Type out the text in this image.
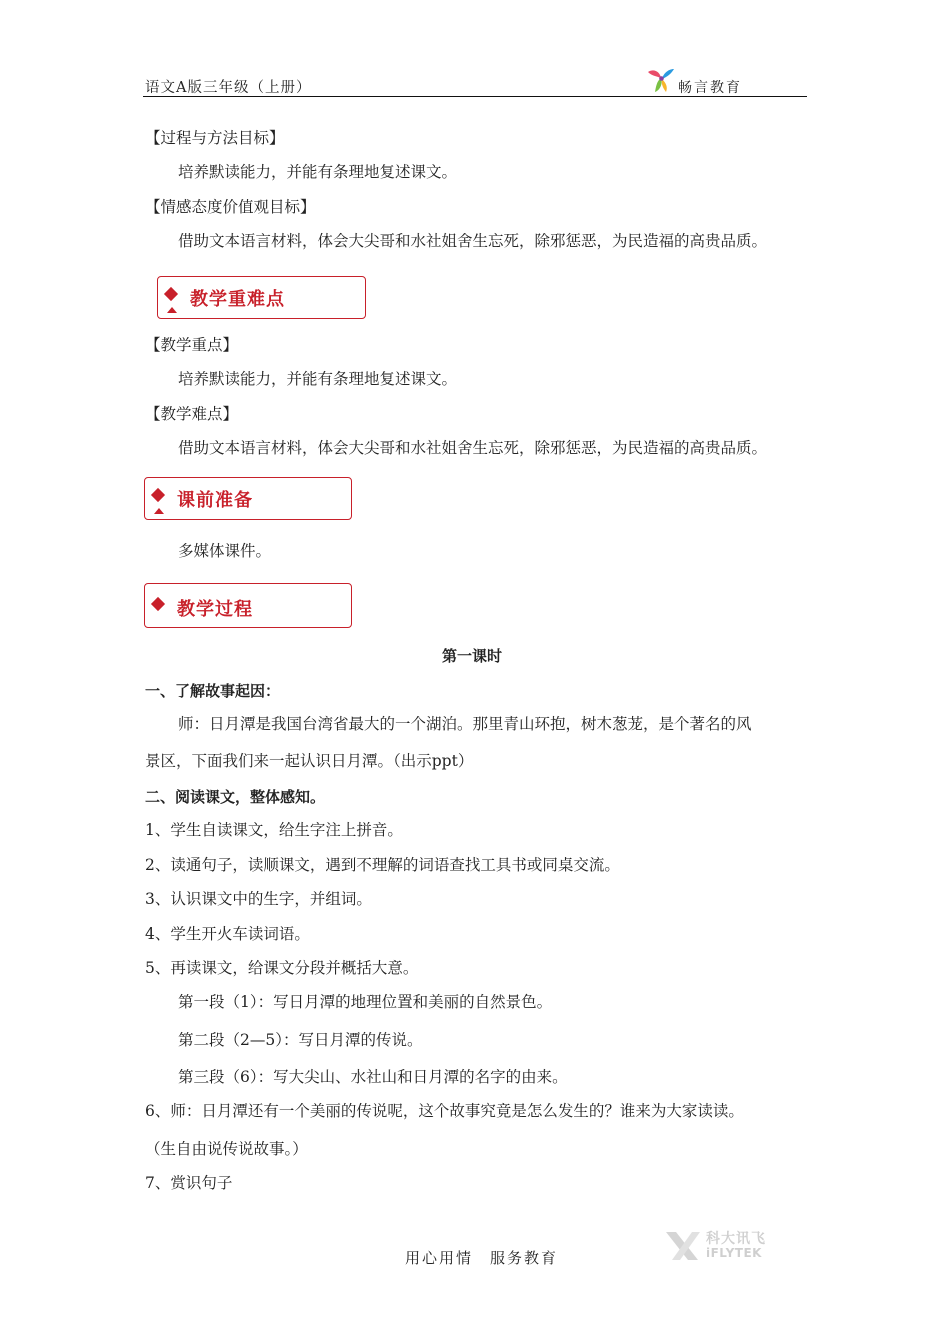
语文A版三年级（上册）	畅言教育
【过程与方法目标】
培养默读能力，并能有条理地复述课文。
【情感态度价值观目标】
借助文本语言材料，体会大尖哥和水社姐舍生忘死，除邪惩恶，为民造福的高贵品质。
教学重难点
【教学重点】
培养默读能力，并能有条理地复述课文。
【教学难点】
借助文本语言材料，体会大尖哥和水社姐舍生忘死，除邪惩恶，为民造福的高贵品质。
课前准备
多媒体课件。
教学过程
第一课时
一、了解故事起因：
师：日月潭是我国台湾省最大的一个湖泊。那里青山环抱，树木葱茏，是个著名的风
景区，下面我们来一起认识日月潭。（出示ppt）
二、阅读课文，整体感知。
1、学生自读课文，给生字注上拼音。
2、读通句子，读顺课文，遇到不理解的词语查找工具书或同桌交流。
3、认识课文中的生字，并组词。
4、学生开火车读词语。
5、再读课文，给课文分段并概括大意。
第一段（1）：写日月潭的地理位置和美丽的自然景色。
第二段（2—5）：写日月潭的传说。
第三段（6）：写大尖山、水社山和日月潭的名字的由来。
6、师：日月潭还有一个美丽的传说呢，这个故事究竟是怎么发生的？谁来为大家读读。
（生自由说传说故事。）
7、赏识句子
用心用情　服务教育
科大讯飞
iFLYTEK
